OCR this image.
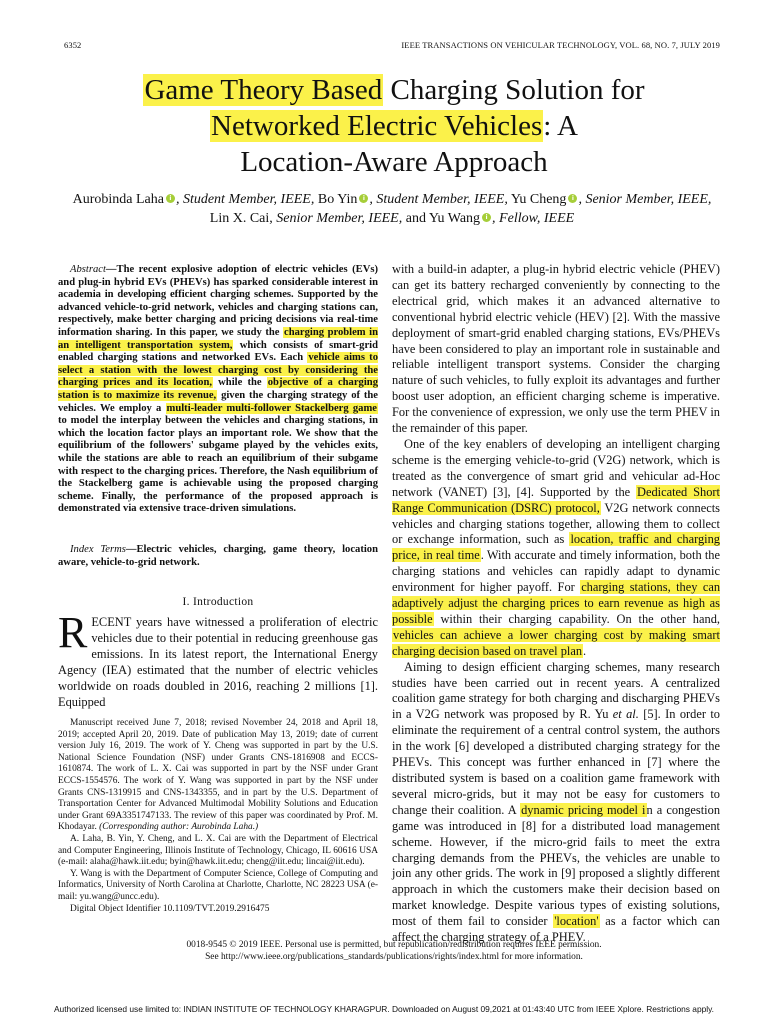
6352	IEEE TRANSACTIONS ON VEHICULAR TECHNOLOGY, VOL. 68, NO. 7, JULY 2019
Game Theory Based Charging Solution for
Networked Electric Vehicles: A
Location-Aware Approach
Aurobinda Laha i , Student Member, IEEE, Bo Yin i , Student Member, IEEE, Yu Cheng i , Senior Member, IEEE,
Lin X. Cai, Senior Member, IEEE, and Yu Wang i , Fellow, IEEE

Abstract—The recent explosive adoption of electric vehicles (EVs) and plug-in hybrid EVs (PHEVs) has sparked considerable interest in academia in developing efficient charging schemes. Supported by the advanced vehicle-to-grid network, vehicles and charging stations can, respectively, make better charging and pricing decisions via real-time information sharing. In this paper, we study the charging problem in an intelligent transportation system, which consists of smart-grid enabled charging stations and networked EVs. Each vehicle aims to select a station with the lowest charging cost by considering the charging prices and its location, while the objective of a charging station is to maximize its revenue, given the charging strategy of the vehicles. We employ a multi-leader multi-follower Stackelberg game to model the interplay between the vehicles and charging stations, in which the location factor plays an important role. We show that the equilibrium of the followers' subgame played by the vehicles exits, while the stations are able to reach an equilibrium of their subgame with respect to the charging prices. Therefore, the Nash equilibrium of the Stackelberg game is achievable using the proposed charging scheme. Finally, the performance of the proposed approach is demonstrated via extensive trace-driven simulations.

Index Terms—Electric vehicles, charging, game theory, location aware, vehicle-to-grid network.

I. Introduction

RECENT years have witnessed a proliferation of electric vehicles due to their potential in reducing greenhouse gas emissions. In its latest report, the International Energy Agency (IEA) estimated that the number of electric vehicles worldwide on roads doubled in 2016, reaching 2 millions [1]. Equipped

Manuscript received June 7, 2018; revised November 24, 2018 and April 18, 2019; accepted April 20, 2019. Date of publication May 13, 2019; date of current version July 16, 2019. The work of Y. Cheng was supported in part by the U.S. National Science Foundation (NSF) under Grants CNS-1816908 and ECCS-1610874. The work of L. X. Cai was supported in part by the NSF under Grant ECCS-1554576. The work of Y. Wang was supported in part by the NSF under Grants CNS-1319915 and CNS-1343355, and in part by the U.S. Department of Transportation Center for Advanced Multimodal Mobility Solutions and Education under Grant 69A3351747133. The review of this paper was coordinated by Prof. M. Khodayar. (Corresponding author: Aurobinda Laha.)

A. Laha, B. Yin, Y. Cheng, and L. X. Cai are with the Department of Electrical and Computer Engineering, Illinois Institute of Technology, Chicago, IL 60616 USA (e-mail: alaha@hawk.iit.edu; byin@hawk.iit.edu; cheng@iit.edu; lincai@iit.edu).

Y. Wang is with the Department of Computer Science, College of Computing and Informatics, University of North Carolina at Charlotte, Charlotte, NC 28223 USA (e-mail: yu.wang@uncc.edu).

Digital Object Identifier 10.1109/TVT.2019.2916475

with a build-in adapter, a plug-in hybrid electric vehicle (PHEV) can get its battery recharged conveniently by connecting to the electrical grid, which makes it an advanced alternative to conventional hybrid electric vehicle (HEV) [2]. With the massive deployment of smart-grid enabled charging stations, EVs/PHEVs have been considered to play an important role in sustainable and reliable intelligent transport systems. Consider the charging nature of such vehicles, to fully exploit its advantages and further boost user adoption, an efficient charging scheme is imperative. For the convenience of expression, we only use the term PHEV in the remainder of this paper.

One of the key enablers of developing an intelligent charging scheme is the emerging vehicle-to-grid (V2G) network, which is treated as the convergence of smart grid and vehicular ad-Hoc network (VANET) [3], [4]. Supported by the Dedicated Short Range Communication (DSRC) protocol, V2G network connects vehicles and charging stations together, allowing them to collect or exchange information, such as location, traffic and charging price, in real time. With accurate and timely information, both the charging stations and vehicles can rapidly adapt to dynamic environment for higher payoff. For charging stations, they can adaptively adjust the charging prices to earn revenue as high as possible within their charging capability. On the other hand, vehicles can achieve a lower charging cost by making smart charging decision based on travel plan.

Aiming to design efficient charging schemes, many research studies have been carried out in recent years. A centralized coalition game strategy for both charging and discharging PHEVs in a V2G network was proposed by R. Yu et al. [5]. In order to eliminate the requirement of a central control system, the authors in the work [6] developed a distributed charging strategy for the PHEVs. This concept was further enhanced in [7] where the distributed system is based on a coalition game framework with several micro-grids, but it may not be easy for customers to change their coalition. A dynamic pricing model in a congestion game was introduced in [8] for a distributed load management scheme. However, if the micro-grid fails to meet the extra charging demands from the PHEVs, the vehicles are unable to join any other grids. The work in [9] proposed a slightly different approach in which the customers make their decision based on market knowledge. Despite various types of existing solutions, most of them fail to consider 'location' as a factor which can affect the charging strategy of a PHEV.

0018-9545 © 2019 IEEE. Personal use is permitted, but republication/redistribution requires IEEE permission.
See http://www.ieee.org/publications_standards/publications/rights/index.html for more information.
Authorized licensed use limited to: INDIAN INSTITUTE OF TECHNOLOGY KHARAGPUR. Downloaded on August 09,2021 at 01:43:40 UTC from IEEE Xplore. Restrictions apply.
